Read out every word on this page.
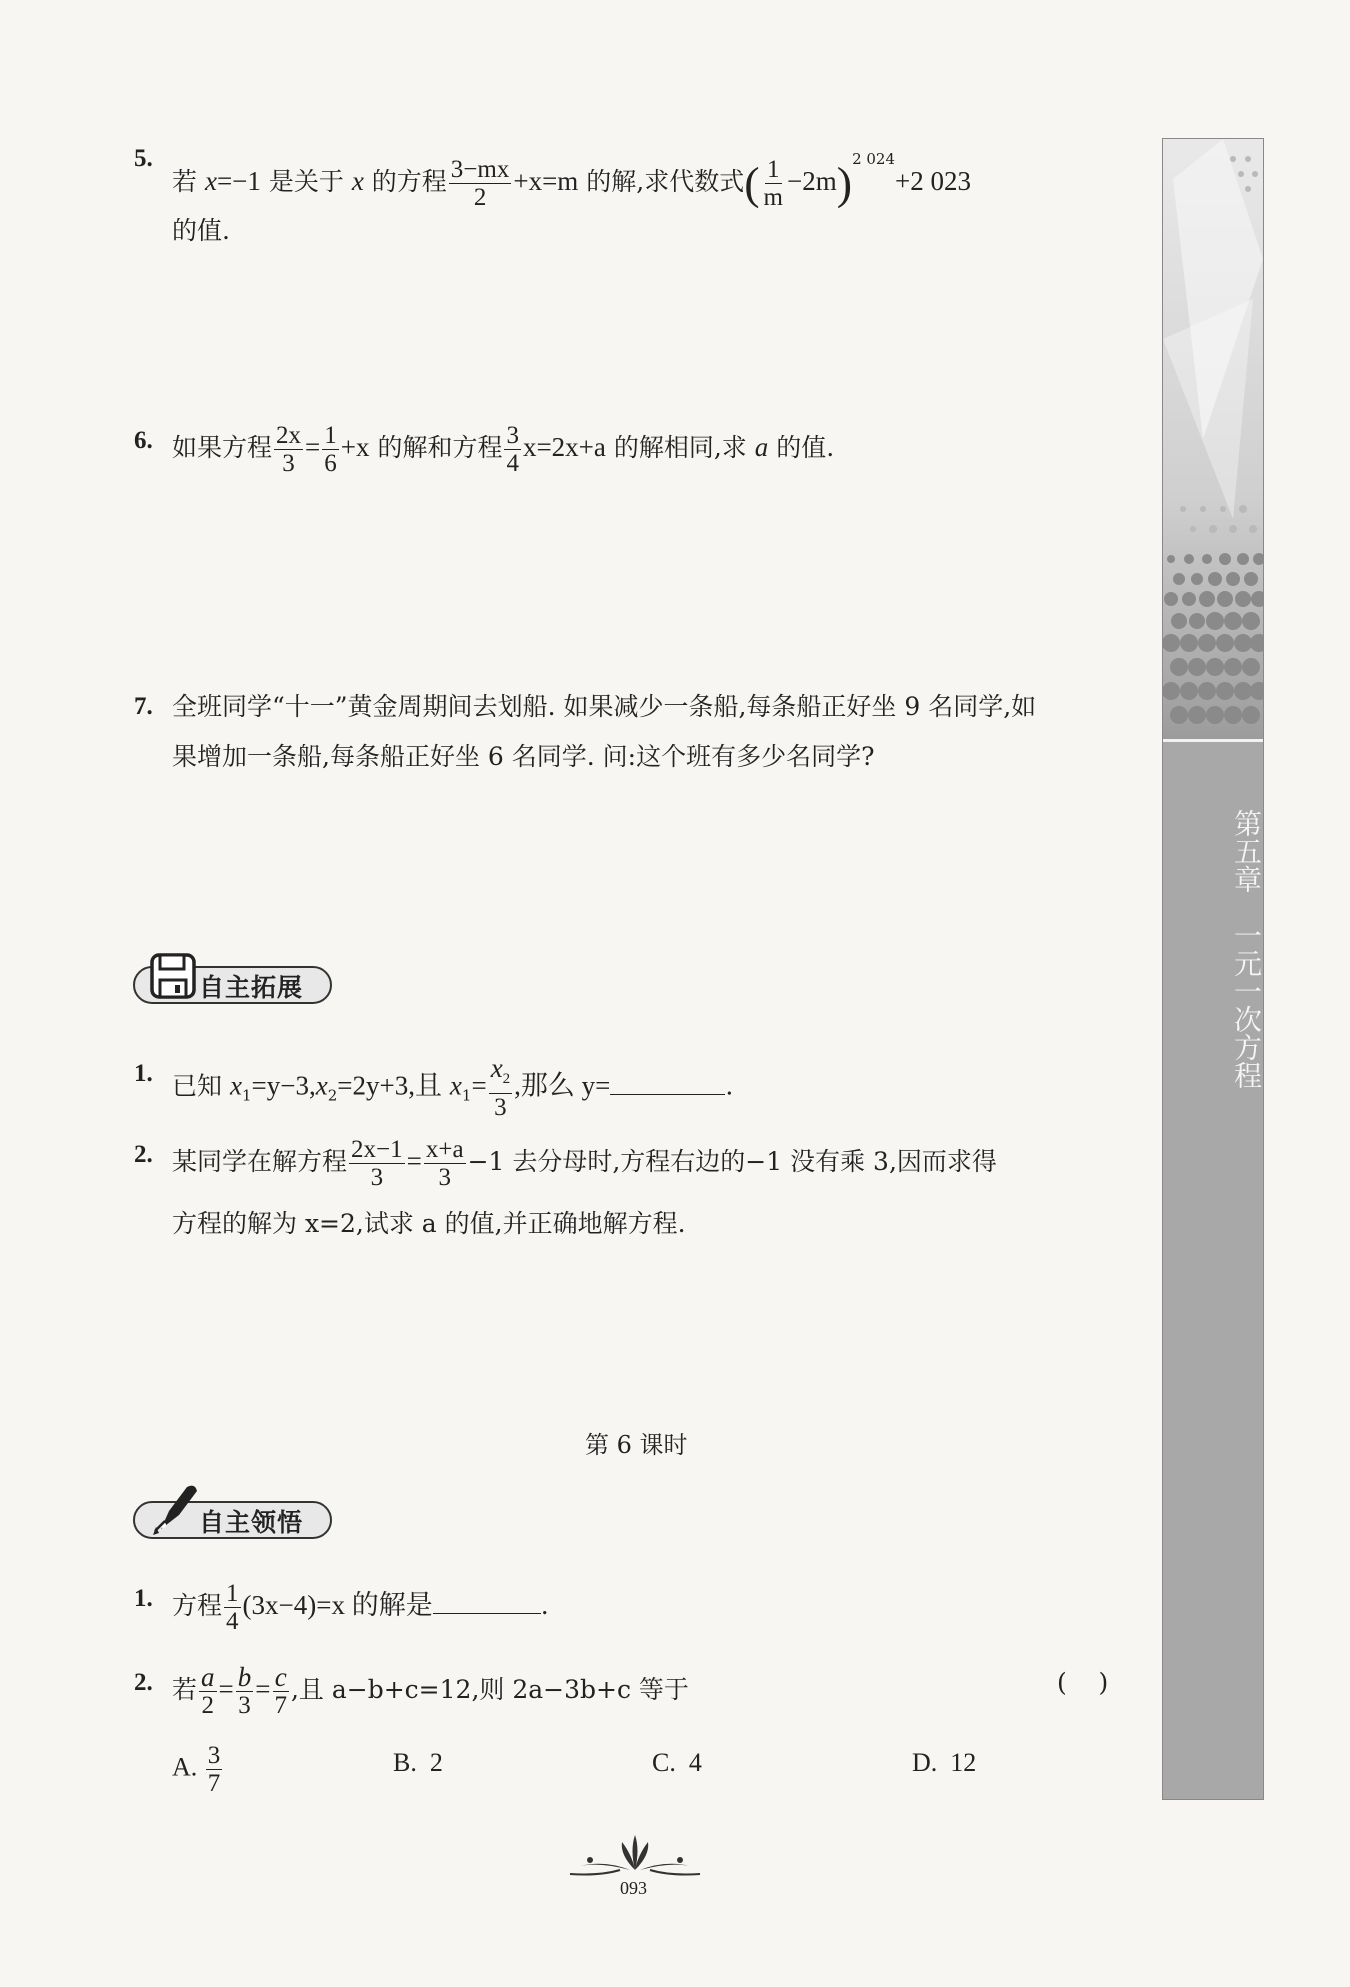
5.
若 x=−1 是关于 x 的方程 $\frac{3-mx}{2} +x=m$ 的解,求代数式( $\frac{1}{m} -2m)^{2 024}+2$ 023
的值.
6. 如果方程 $\frac{2x}{3} = \frac{1}{6} +x$ 的解和方程 $\frac{3}{4} x=2x+a$ 的解相同,求 a 的值.
7. 全班同学“十一”黄金周期间去划船. 如果减少一条船,每条船正好坐 9 名同学,如
果增加一条船,每条船正好坐 6 名同学. 问:这个班有多少名同学?
自主拓展
1. 已知 $x_1=y-3,x_2=2y+3$,且 $x_1= \frac{x_2}{3}$ ,那么 y=	.
2. 某同学在解方程 $\frac{2x-1}{3} = \frac{x+a}{3} -1$ 去分母时,方程右边的−1 没有乘 3,因而求得
方程的解为 x=2,试求 a 的值,并正确地解方程.
第 6 课时
自主领悟
1. 方程 $\frac{1}{4} (3x-4)=x$ 的解是	.
2. 若 $\frac{a}{2} = \frac{b}{3} = \frac{c}{7}$ ,且 a−b+c=12,则 2a−3b+c 等于	(    )
A. $\frac{3}{7}$	B.  2	C.  4	D.  12
第五章　一元一次方程
093
